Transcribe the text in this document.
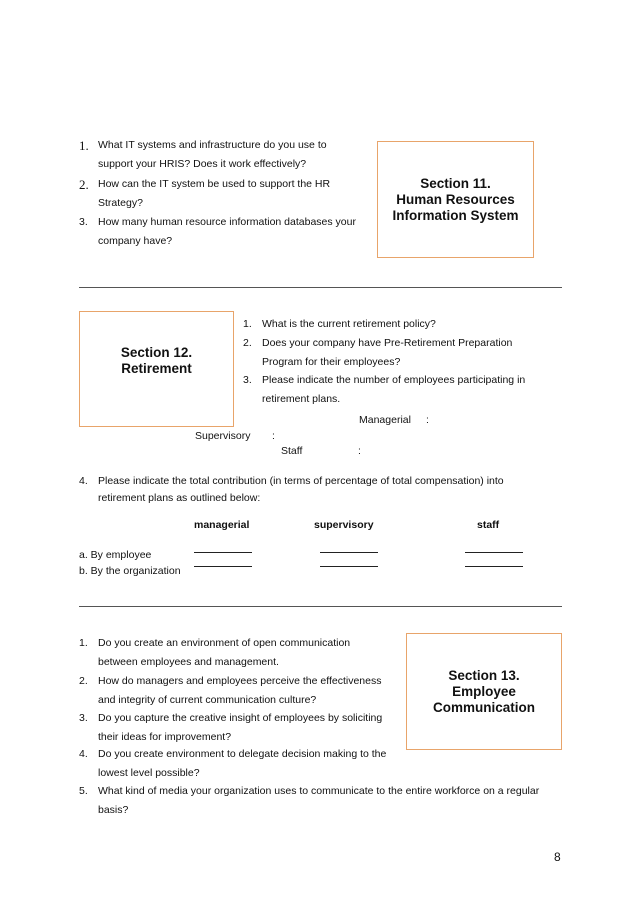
1. What IT systems and infrastructure do you use to
support your HRIS? Does it work effectively?
2. How can the IT system be used to support the HR
Strategy?
3. How many human resource information databases your
company have?
Section 11.
Human Resources
Information System
Section 12.
Retirement
1. What is the current retirement policy?
2. Does your company have Pre-Retirement Preparation
Program for their employees?
3. Please indicate the number of employees participating in
retirement plans.
Managerial :
Supervisory :
Staff	:
4. Please indicate the total contribution (in terms of percentage of total compensation) into
retirement plans as outlined below:
managerial	supervisory	staff
a. By employee
b. By the organization
1. Do you create an environment of open communication
between employees and management.
2. How do managers and employees perceive the effectiveness
and integrity of current communication culture?
3. Do you capture the creative insight of employees by soliciting
their ideas for improvement?
4. Do you create environment to delegate decision making to the
lowest level possible?
5. What kind of media your organization uses to communicate to the entire workforce on a regular
basis?
Section 13.
Employee
Communication
8
